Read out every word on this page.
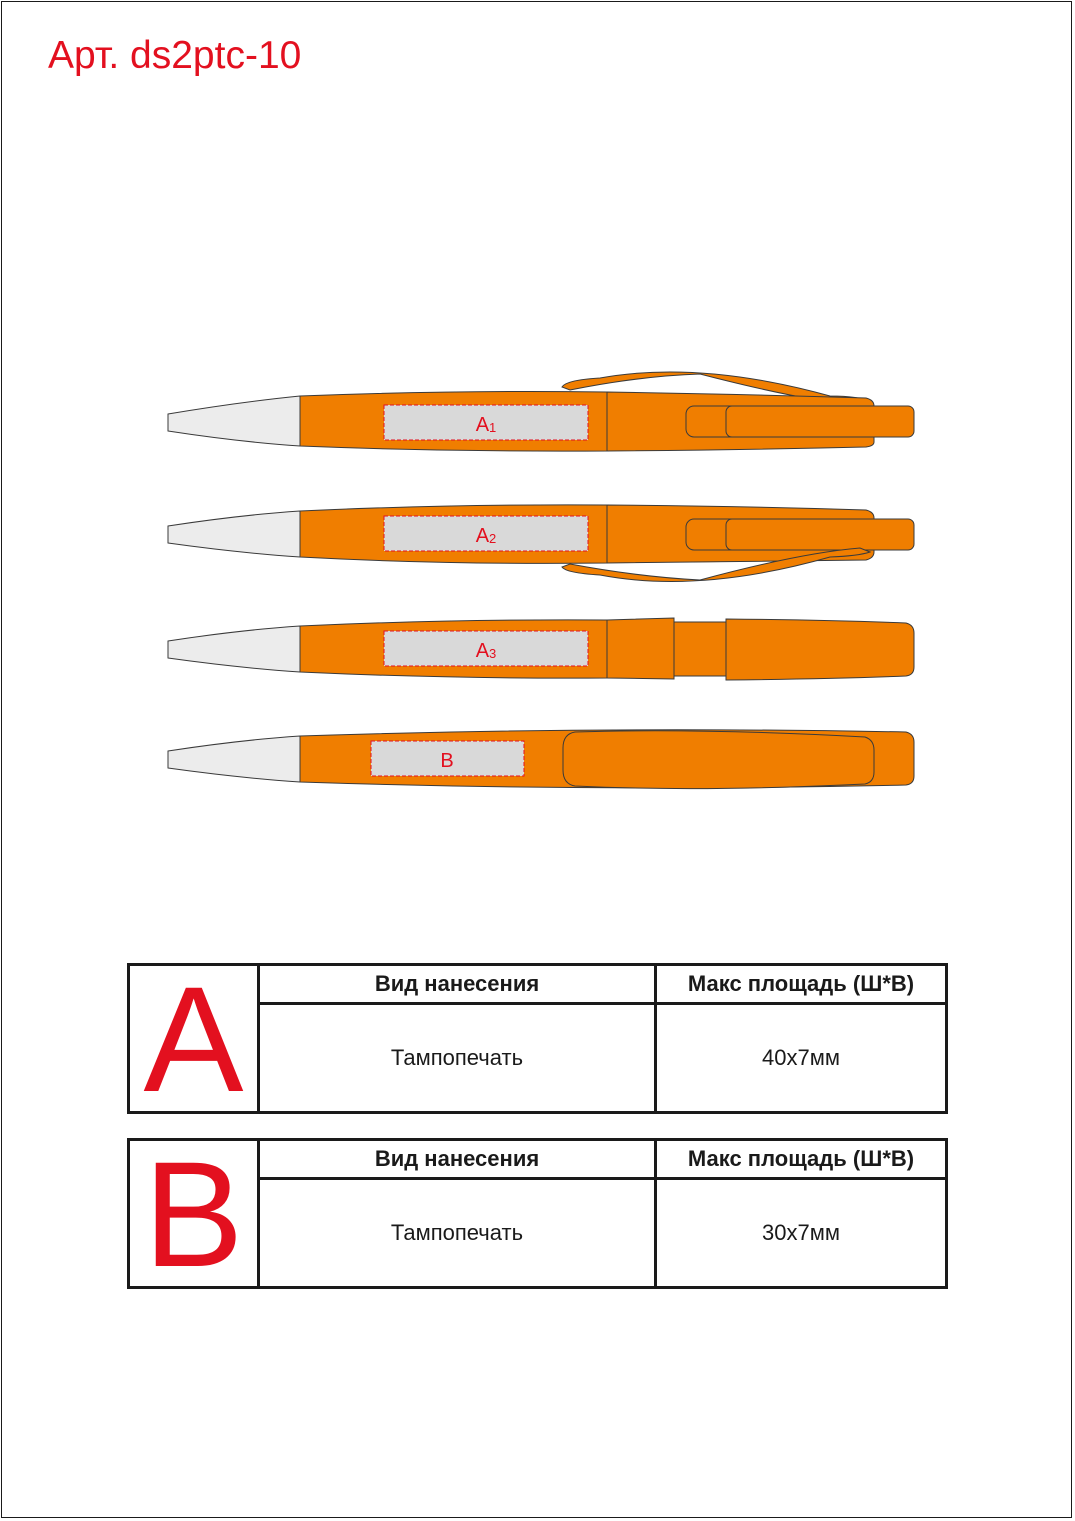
Арт. ds2ptc-10
A1
A2
A3
B
A	Вид нанесения	Макс площадь (Ш*В)
	Тампопечать	40x7мм
B	Вид нанесения	Макс площадь (Ш*В)
	Тампопечать	30x7мм
